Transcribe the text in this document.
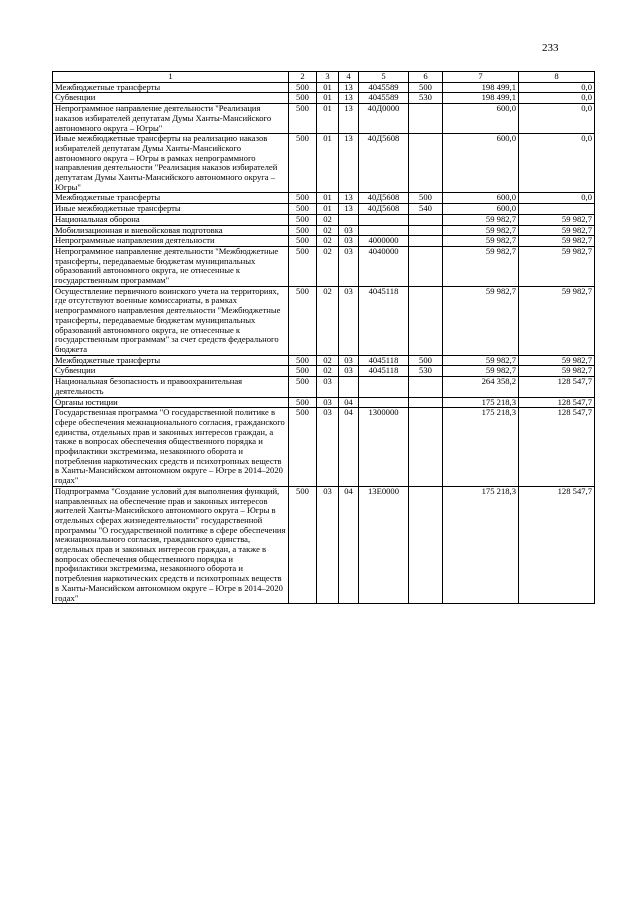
233
1	2	3	4	5	6	7	8
Межбюджетные трансферты	500	01	13	4045589	500	198 499,1	0,0
Субвенции	500	01	13	4045589	530	198 499,1	0,0
Непрограммное направление деятельности "Реализация наказов избирателей депутатам Думы Ханты-Мансийского автономного округа – Югры"	500	01	13	40Д0000		600,0	0,0
Иные межбюджетные трансферты на реализацию наказов избирателей депутатам Думы Ханты-Мансийского автономного округа – Югры в рамках непрограммного направления деятельности "Реализация наказов избирателей депутатам Думы Ханты-Мансийского автономного округа – Югры"	500	01	13	40Д5608		600,0	0,0
Межбюджетные трансферты	500	01	13	40Д5608	500	600,0	0,0
Иные межбюджетные трансферты	500	01	13	40Д5608	540	600,0	
Национальная оборона	500	02				59 982,7	59 982,7
Мобилизационная и вневойсковая подготовка	500	02	03			59 982,7	59 982,7
Непрограммные направления деятельности	500	02	03	4000000		59 982,7	59 982,7
Непрограммное направление деятельности "Межбюджетные трансферты, передаваемые бюджетам муниципальных образований автономного округа, не отнесенные к государственным программам"	500	02	03	4040000		59 982,7	59 982,7
Осуществление первичного воинского учета на территориях, где отсутствуют военные комиссариаты, в рамках непрограммного направления деятельности "Межбюджетные трансферты, передаваемые бюджетам муниципальных образований автономного округа, не отнесенные к государственным программам" за счет средств федерального бюджета	500	02	03	4045118		59 982,7	59 982,7
Межбюджетные трансферты	500	02	03	4045118	500	59 982,7	59 982,7
Субвенции	500	02	03	4045118	530	59 982,7	59 982,7
Национальная безопасность и правоохранительная деятельность	500	03				264 358,2	128 547,7
Органы юстиции	500	03	04			175 218,3	128 547,7
Государственная программа "О государственной политике в сфере обеспечения межнационального согласия, гражданского единства, отдельных прав и законных интересов граждан, а также в вопросах обеспечения общественного порядка и профилактики экстремизма, незаконного оборота и потребления наркотических средств и психотропных веществ в Ханты-Мансийском автономном округе – Югре в 2014–2020 годах"	500	03	04	1300000		175 218,3	128 547,7
Подпрограмма "Создание условий для выполнения функций, направленных на обеспечение прав и законных интересов жителей Ханты-Мансийского автономного округа – Югры в отдельных сферах жизнедеятельности" государственной программы "О государственной политике в сфере обеспечения межнационального согласия, гражданского единства, отдельных прав и законных интересов граждан, а также в вопросах обеспечения общественного порядка и профилактики экстремизма, незаконного оборота и потребления наркотических средств и психотропных веществ в Ханты-Мансийском автономном округе – Югре в 2014–2020 годах"	500	03	04	13Е0000		175 218,3	128 547,7
